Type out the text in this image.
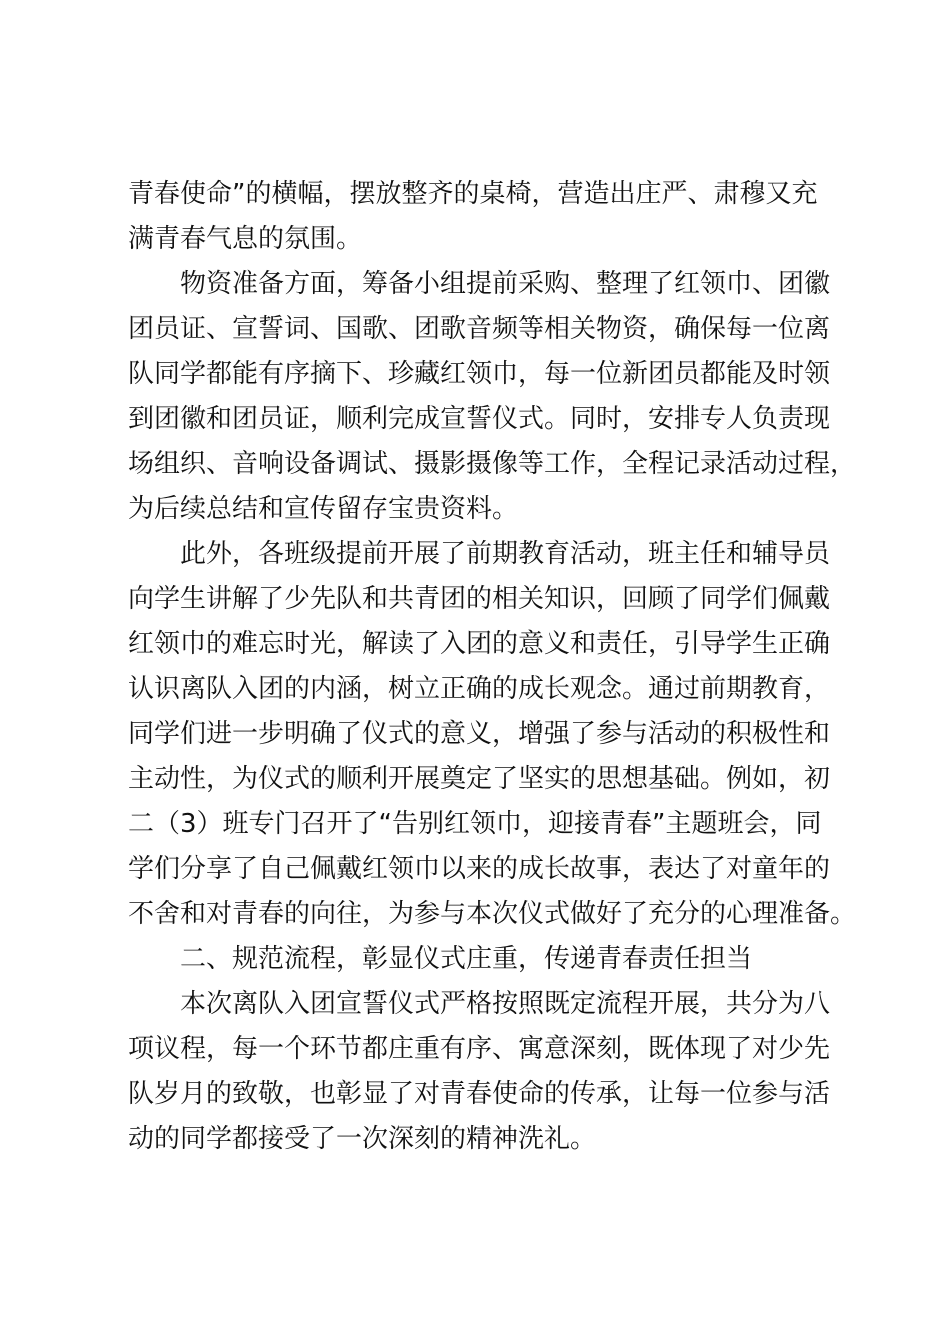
青春使命”的横幅，摆放整齐的桌椅，营造出庄严、肃穆又充
满青春气息的氛围。
物资准备方面，筹备小组提前采购、整理了红领巾、团徽
团员证、宣誓词、国歌、团歌音频等相关物资，确保每一位离
队同学都能有序摘下、珍藏红领巾，每一位新团员都能及时领
到团徽和团员证，顺利完成宣誓仪式。同时，安排专人负责现
场组织、音响设备调试、摄影摄像等工作，全程记录活动过程，
为后续总结和宣传留存宝贵资料。
此外，各班级提前开展了前期教育活动，班主任和辅导员
向学生讲解了少先队和共青团的相关知识，回顾了同学们佩戴
红领巾的难忘时光，解读了入团的意义和责任，引导学生正确
认识离队入团的内涵，树立正确的成长观念。通过前期教育，
同学们进一步明确了仪式的意义，增强了参与活动的积极性和
主动性，为仪式的顺利开展奠定了坚实的思想基础。例如，初
二（3）班专门召开了“告别红领巾，迎接青春”主题班会，同
学们分享了自己佩戴红领巾以来的成长故事，表达了对童年的
不舍和对青春的向往，为参与本次仪式做好了充分的心理准备。
二、规范流程，彰显仪式庄重，传递青春责任担当
本次离队入团宣誓仪式严格按照既定流程开展，共分为八
项议程，每一个环节都庄重有序、寓意深刻，既体现了对少先
队岁月的致敬，也彰显了对青春使命的传承，让每一位参与活
动的同学都接受了一次深刻的精神洗礼。
